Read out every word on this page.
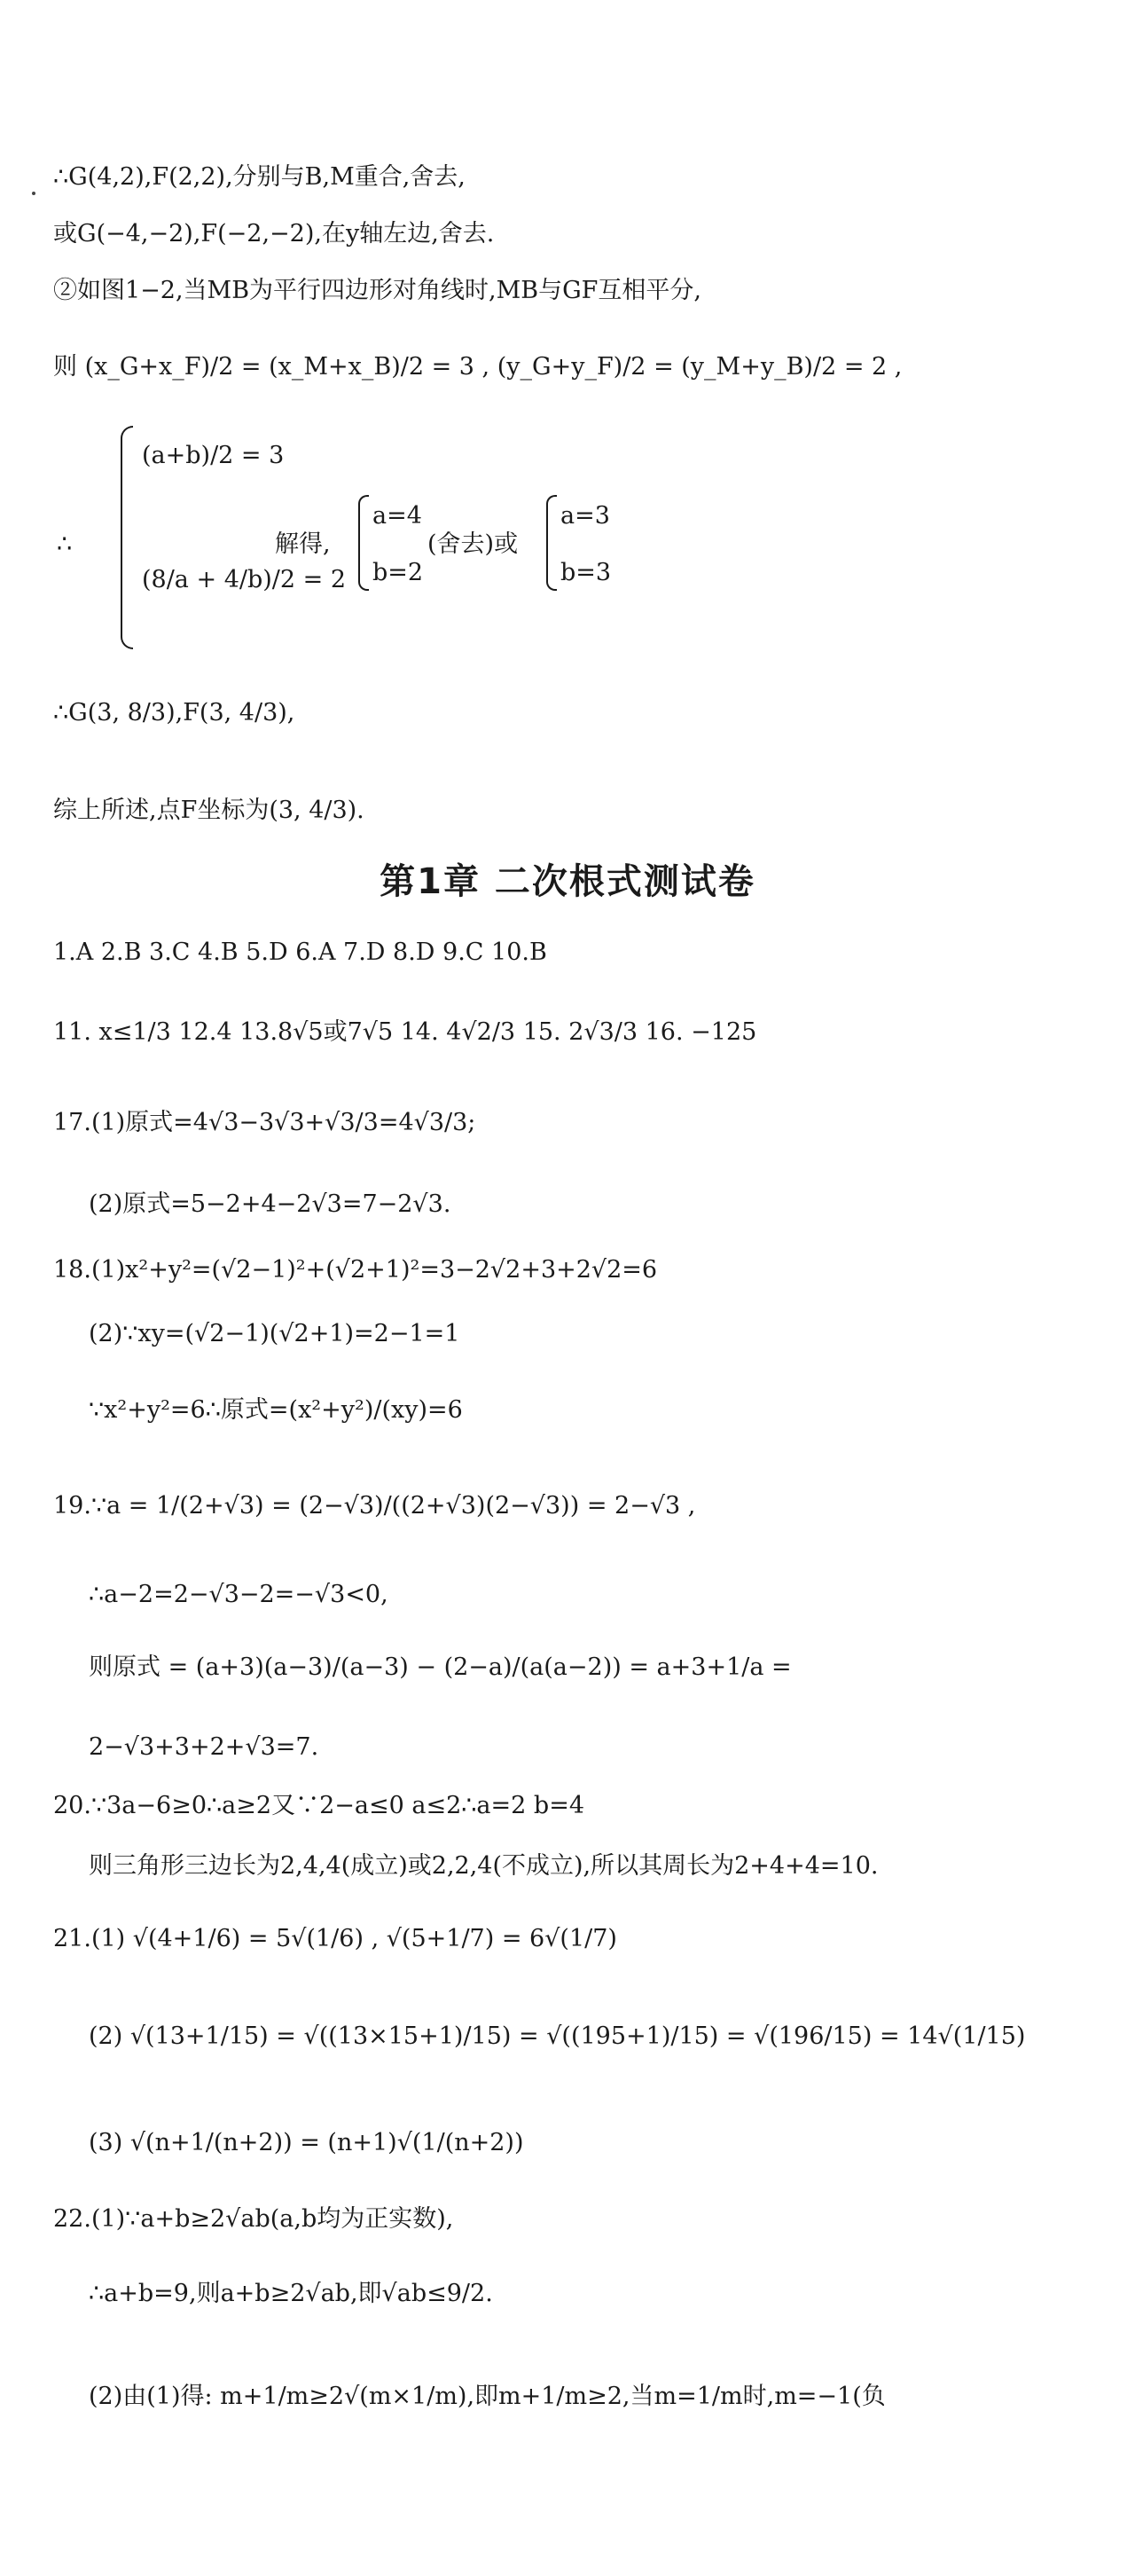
∴G(4,2),F(2,2),分别与B,M重合,舍去,
或G(−4,−2),F(−2,−2),在y轴左边,舍去.
②如图1−2,当MB为平行四边形对角线时,MB与GF互相平分,
则 (x_G+x_F)/2 = (x_M+x_B)/2 = 3 , (y_G+y_F)/2 = (y_M+y_B)/2 = 2 ,
(a+b)/2 = 3
∴
(8/a + 4/b)/2 = 2
解得,
a=4
b=2
(舍去)或
a=3
b=3
∴G(3, 8/3),F(3, 4/3),
综上所述,点F坐标为(3, 4/3).
第1章 二次根式测试卷
1.A 2.B 3.C 4.B 5.D 6.A 7.D 8.D 9.C 10.B
11. x≤1/3 12.4 13.8√5或7√5 14. 4√2/3 15. 2√3/3 16. −125
17.(1)原式=4√3−3√3+√3/3=4√3/3;
(2)原式=5−2+4−2√3=7−2√3.
18.(1)x²+y²=(√2−1)²+(√2+1)²=3−2√2+3+2√2=6
(2)∵xy=(√2−1)(√2+1)=2−1=1
∵x²+y²=6∴原式=(x²+y²)/(xy)=6
19.∵a = 1/(2+√3) = (2−√3)/((2+√3)(2−√3)) = 2−√3 ,
∴a−2=2−√3−2=−√3<0,
则原式 = (a+3)(a−3)/(a−3) − (2−a)/(a(a−2)) = a+3+1/a =
2−√3+3+2+√3=7.
20.∵3a−6≥0∴a≥2又∵2−a≤0 a≤2∴a=2 b=4
则三角形三边长为2,4,4(成立)或2,2,4(不成立),所以其周长为2+4+4=10.
21.(1) √(4+1/6) = 5√(1/6) , √(5+1/7) = 6√(1/7)
(2) √(13+1/15) = √((13×15+1)/15) = √((195+1)/15) = √(196/15) = 14√(1/15)
(3) √(n+1/(n+2)) = (n+1)√(1/(n+2))
22.(1)∵a+b≥2√ab(a,b均为正实数),
∴a+b=9,则a+b≥2√ab,即√ab≤9/2.
(2)由(1)得: m+1/m≥2√(m×1/m),即m+1/m≥2,当m=1/m时,m=−1(负
